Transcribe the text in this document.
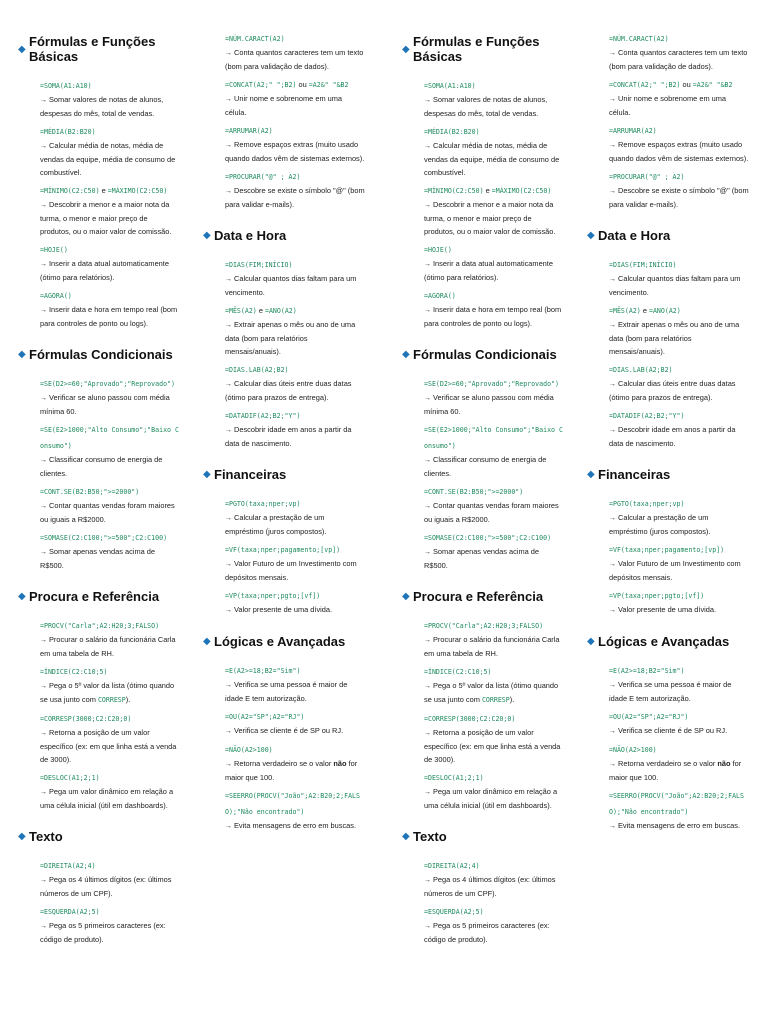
◆
Fórmulas e Funções Básicas
=SOMA(A1:A10)
→ Somar valores de notas de alunos, despesas do mês, total de vendas.
=MÉDIA(B2:B20)
→ Calcular média de notas, média de vendas da equipe, média de consumo de combustível.
=MÍNIMO(C2:C50) e =MÁXIMO(C2:C50)
→ Descobrir a menor e a maior nota da turma, o menor e maior preço de produtos, ou o maior valor de comissão.
=HOJE()
→ Inserir a data atual automaticamente (ótimo para relatórios).
=AGORA()
→ Inserir data e hora em tempo real (bom para controles de ponto ou logs).
◆ Fórmulas Condicionais
=SE(D2>=60;"Aprovado";"Reprovado")
→ Verificar se aluno passou com média mínima 60.
=SE(E2>1000;"Alto Consumo";"Baixo Consumo")
→ Classificar consumo de energia de clientes.
=CONT.SE(B2:B50;">=2000")
→ Contar quantas vendas foram maiores ou iguais a R$2000.
=SOMASE(C2:C100;">=500";C2:C100)
→ Somar apenas vendas acima de R$500.
◆ Procura e Referência
=PROCV("Carla";A2:H20;3;FALSO)
→ Procurar o salário da funcionária Carla em uma tabela de RH.
=ÍNDICE(C2:C10;5)
→ Pega o 5º valor da lista (ótimo quando se usa junto com CORRESP).
=CORRESP(3000;C2:C20;0)
→ Retorna a posição de um valor específico (ex: em que linha está a venda de 3000).
=DESLOC(A1;2;1)
→ Pega um valor dinâmico em relação a uma célula inicial (útil em dashboards).
◆ Texto
=DIREITA(A2;4)
→ Pega os 4 últimos dígitos (ex: últimos números de um CPF).
=ESQUERDA(A2;5)
→ Pega os 5 primeiros caracteres (ex: código de produto).
=NÚM.CARACT(A2)
→ Conta quantos caracteres tem um texto (bom para validação de dados).
=CONCAT(A2;" ";B2) ou =A2&" "&B2
→ Unir nome e sobrenome em uma célula.
=ARRUMAR(A2)
→ Remove espaços extras (muito usado quando dados vêm de sistemas externos).
=PROCURAR("@" ; A2)
→ Descobre se existe o símbolo "@" (bom para validar e-mails).
◆ Data e Hora
=DIAS(FIM;INÍCIO)
→ Calcular quantos dias faltam para um vencimento.
=MÊS(A2) e =ANO(A2)
→ Extrair apenas o mês ou ano de uma data (bom para relatórios mensais/anuais).
=DIAS.LAB(A2;B2)
→ Calcular dias úteis entre duas datas (ótimo para prazos de entrega).
=DATADIF(A2;B2;"Y")
→ Descobrir idade em anos a partir da data de nascimento.
◆ Financeiras
=PGTO(taxa;nper;vp)
→ Calcular a prestação de um empréstimo (juros compostos).
=VF(taxa;nper;pagamento;[vp])
→ Valor Futuro de um Investimento com depósitos mensais.
=VP(taxa;nper;pgto;[vf])
→ Valor presente de uma dívida.
◆ Lógicas e Avançadas
=E(A2>=18;B2="Sim")
→ Verifica se uma pessoa é maior de idade E tem autorização.
=OU(A2="SP";A2="RJ")
→ Verifica se cliente é de SP ou RJ.
=NÃO(A2>100)
→ Retorna verdadeiro se o valor não for maior que 100.
=SEERRO(PROCV("João";A2:B20;2;FALSO);"Não encontrado")
→ Evita mensagens de erro em buscas.
◆
Fórmulas e Funções Básicas
=SOMA(A1:A10)
→ Somar valores de notas de alunos, despesas do mês, total de vendas.
=MÉDIA(B2:B20)
→ Calcular média de notas, média de vendas da equipe, média de consumo de combustível.
=MÍNIMO(C2:C50) e =MÁXIMO(C2:C50)
→ Descobrir a menor e a maior nota da turma, o menor e maior preço de produtos, ou o maior valor de comissão.
=HOJE()
→ Inserir a data atual automaticamente (ótimo para relatórios).
=AGORA()
→ Inserir data e hora em tempo real (bom para controles de ponto ou logs).
◆ Fórmulas Condicionais
=SE(D2>=60;"Aprovado";"Reprovado")
→ Verificar se aluno passou com média mínima 60.
=SE(E2>1000;"Alto Consumo";"Baixo Consumo")
→ Classificar consumo de energia de clientes.
=CONT.SE(B2:B50;">=2000")
→ Contar quantas vendas foram maiores ou iguais a R$2000.
=SOMASE(C2:C100;">=500";C2:C100)
→ Somar apenas vendas acima de R$500.
◆ Procura e Referência
=PROCV("Carla";A2:H20;3;FALSO)
→ Procurar o salário da funcionária Carla em uma tabela de RH.
=ÍNDICE(C2:C10;5)
→ Pega o 5º valor da lista (ótimo quando se usa junto com CORRESP).
=CORRESP(3000;C2:C20;0)
→ Retorna a posição de um valor específico (ex: em que linha está a venda de 3000).
=DESLOC(A1;2;1)
→ Pega um valor dinâmico em relação a uma célula inicial (útil em dashboards).
◆ Texto
=DIREITA(A2;4)
→ Pega os 4 últimos dígitos (ex: últimos números de um CPF).
=ESQUERDA(A2;5)
→ Pega os 5 primeiros caracteres (ex: código de produto).
=NÚM.CARACT(A2)
→ Conta quantos caracteres tem um texto (bom para validação de dados).
=CONCAT(A2;" ";B2) ou =A2&" "&B2
→ Unir nome e sobrenome em uma célula.
=ARRUMAR(A2)
→ Remove espaços extras (muito usado quando dados vêm de sistemas externos).
=PROCURAR("@" ; A2)
→ Descobre se existe o símbolo "@" (bom para validar e-mails).
◆ Data e Hora
=DIAS(FIM;INÍCIO)
→ Calcular quantos dias faltam para um vencimento.
=MÊS(A2) e =ANO(A2)
→ Extrair apenas o mês ou ano de uma data (bom para relatórios mensais/anuais).
=DIAS.LAB(A2;B2)
→ Calcular dias úteis entre duas datas (ótimo para prazos de entrega).
=DATADIF(A2;B2;"Y")
→ Descobrir idade em anos a partir da data de nascimento.
◆ Financeiras
=PGTO(taxa;nper;vp)
→ Calcular a prestação de um empréstimo (juros compostos).
=VF(taxa;nper;pagamento;[vp])
→ Valor Futuro de um Investimento com depósitos mensais.
=VP(taxa;nper;pgto;[vf])
→ Valor presente de uma dívida.
◆ Lógicas e Avançadas
=E(A2>=18;B2="Sim")
→ Verifica se uma pessoa é maior de idade E tem autorização.
=OU(A2="SP";A2="RJ")
→ Verifica se cliente é de SP ou RJ.
=NÃO(A2>100)
→ Retorna verdadeiro se o valor não for maior que 100.
=SEERRO(PROCV("João";A2:B20;2;FALSO);"Não encontrado")
→ Evita mensagens de erro em buscas.
